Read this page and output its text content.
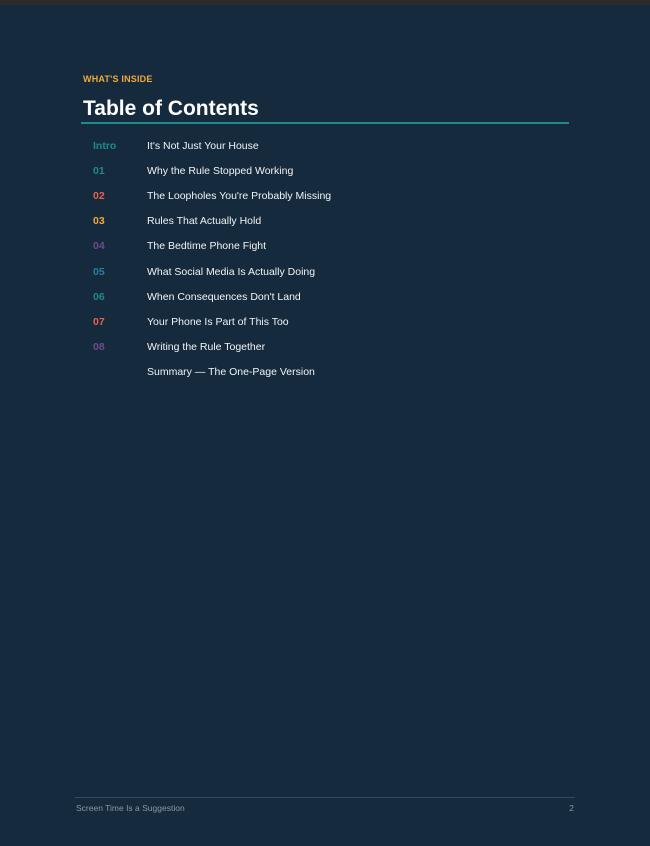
WHAT'S INSIDE
Table of Contents
Intro	It's Not Just Your House
01	Why the Rule Stopped Working
02	The Loopholes You're Probably Missing
03	Rules That Actually Hold
04	The Bedtime Phone Fight
05	What Social Media Is Actually Doing
06	When Consequences Don't Land
07	Your Phone Is Part of This Too
08	Writing the Rule Together
Summary — The One-Page Version
Screen Time Is a Suggestion	2
